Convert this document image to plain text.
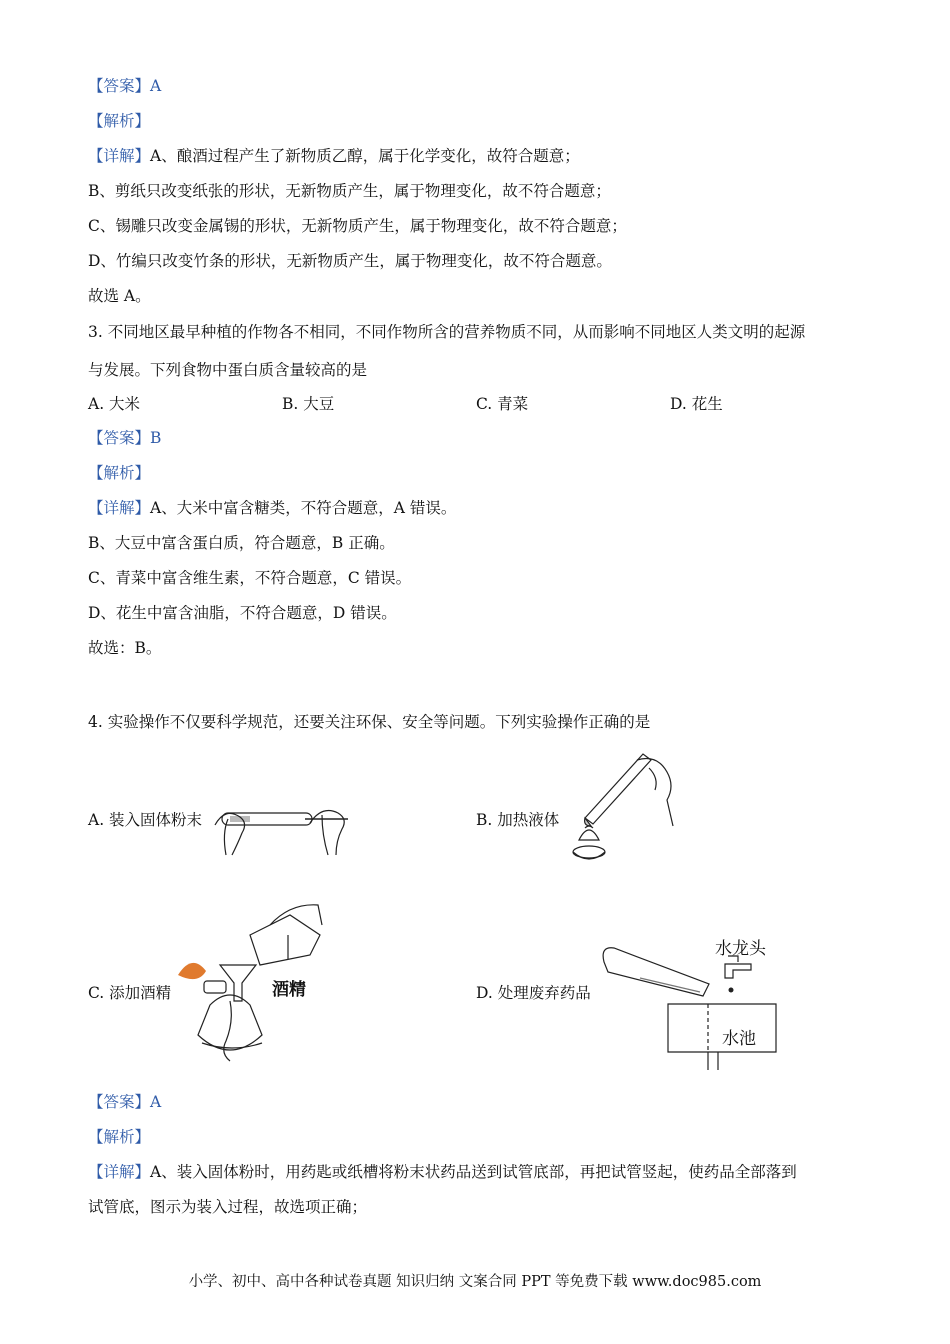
【答案】A
【解析】
【详解】A、酿酒过程产生了新物质乙醇，属于化学变化，故符合题意；
B、剪纸只改变纸张的形状，无新物质产生，属于物理变化，故不符合题意；
C、锡雕只改变金属锡的形状，无新物质产生，属于物理变化，故不符合题意；
D、竹编只改变竹条的形状，无新物质产生，属于物理变化，故不符合题意。
故选 A。
3. 不同地区最早种植的作物各不相同，不同作物所含的营养物质不同，从而影响不同地区人类文明的起源
与发展。下列食物中蛋白质含量较高的是
A. 大米	B. 大豆	C. 青菜	D. 花生
【答案】B
【解析】
【详解】A、大米中富含糖类，不符合题意，A 错误。
B、大豆中富含蛋白质，符合题意，B 正确。
C、青菜中富含维生素，不符合题意，C 错误。
D、花生中富含油脂，不符合题意，D 错误。
故选：B。
4. 实验操作不仅要科学规范，还要关注环保、安全等问题。下列实验操作正确的是
A. 装入固体粉末	B. 加热液体
C. 添加酒精	D. 处理废弃药品
酒精
水龙头
水池
【答案】A
【解析】
【详解】A、装入固体粉时，用药匙或纸槽将粉末状药品送到试管底部，再把试管竖起，使药品全部落到
试管底，图示为装入过程，故选项正确；
小学、初中、高中各种试卷真题 知识归纳 文案合同 PPT 等免费下载 www.doc985.com
